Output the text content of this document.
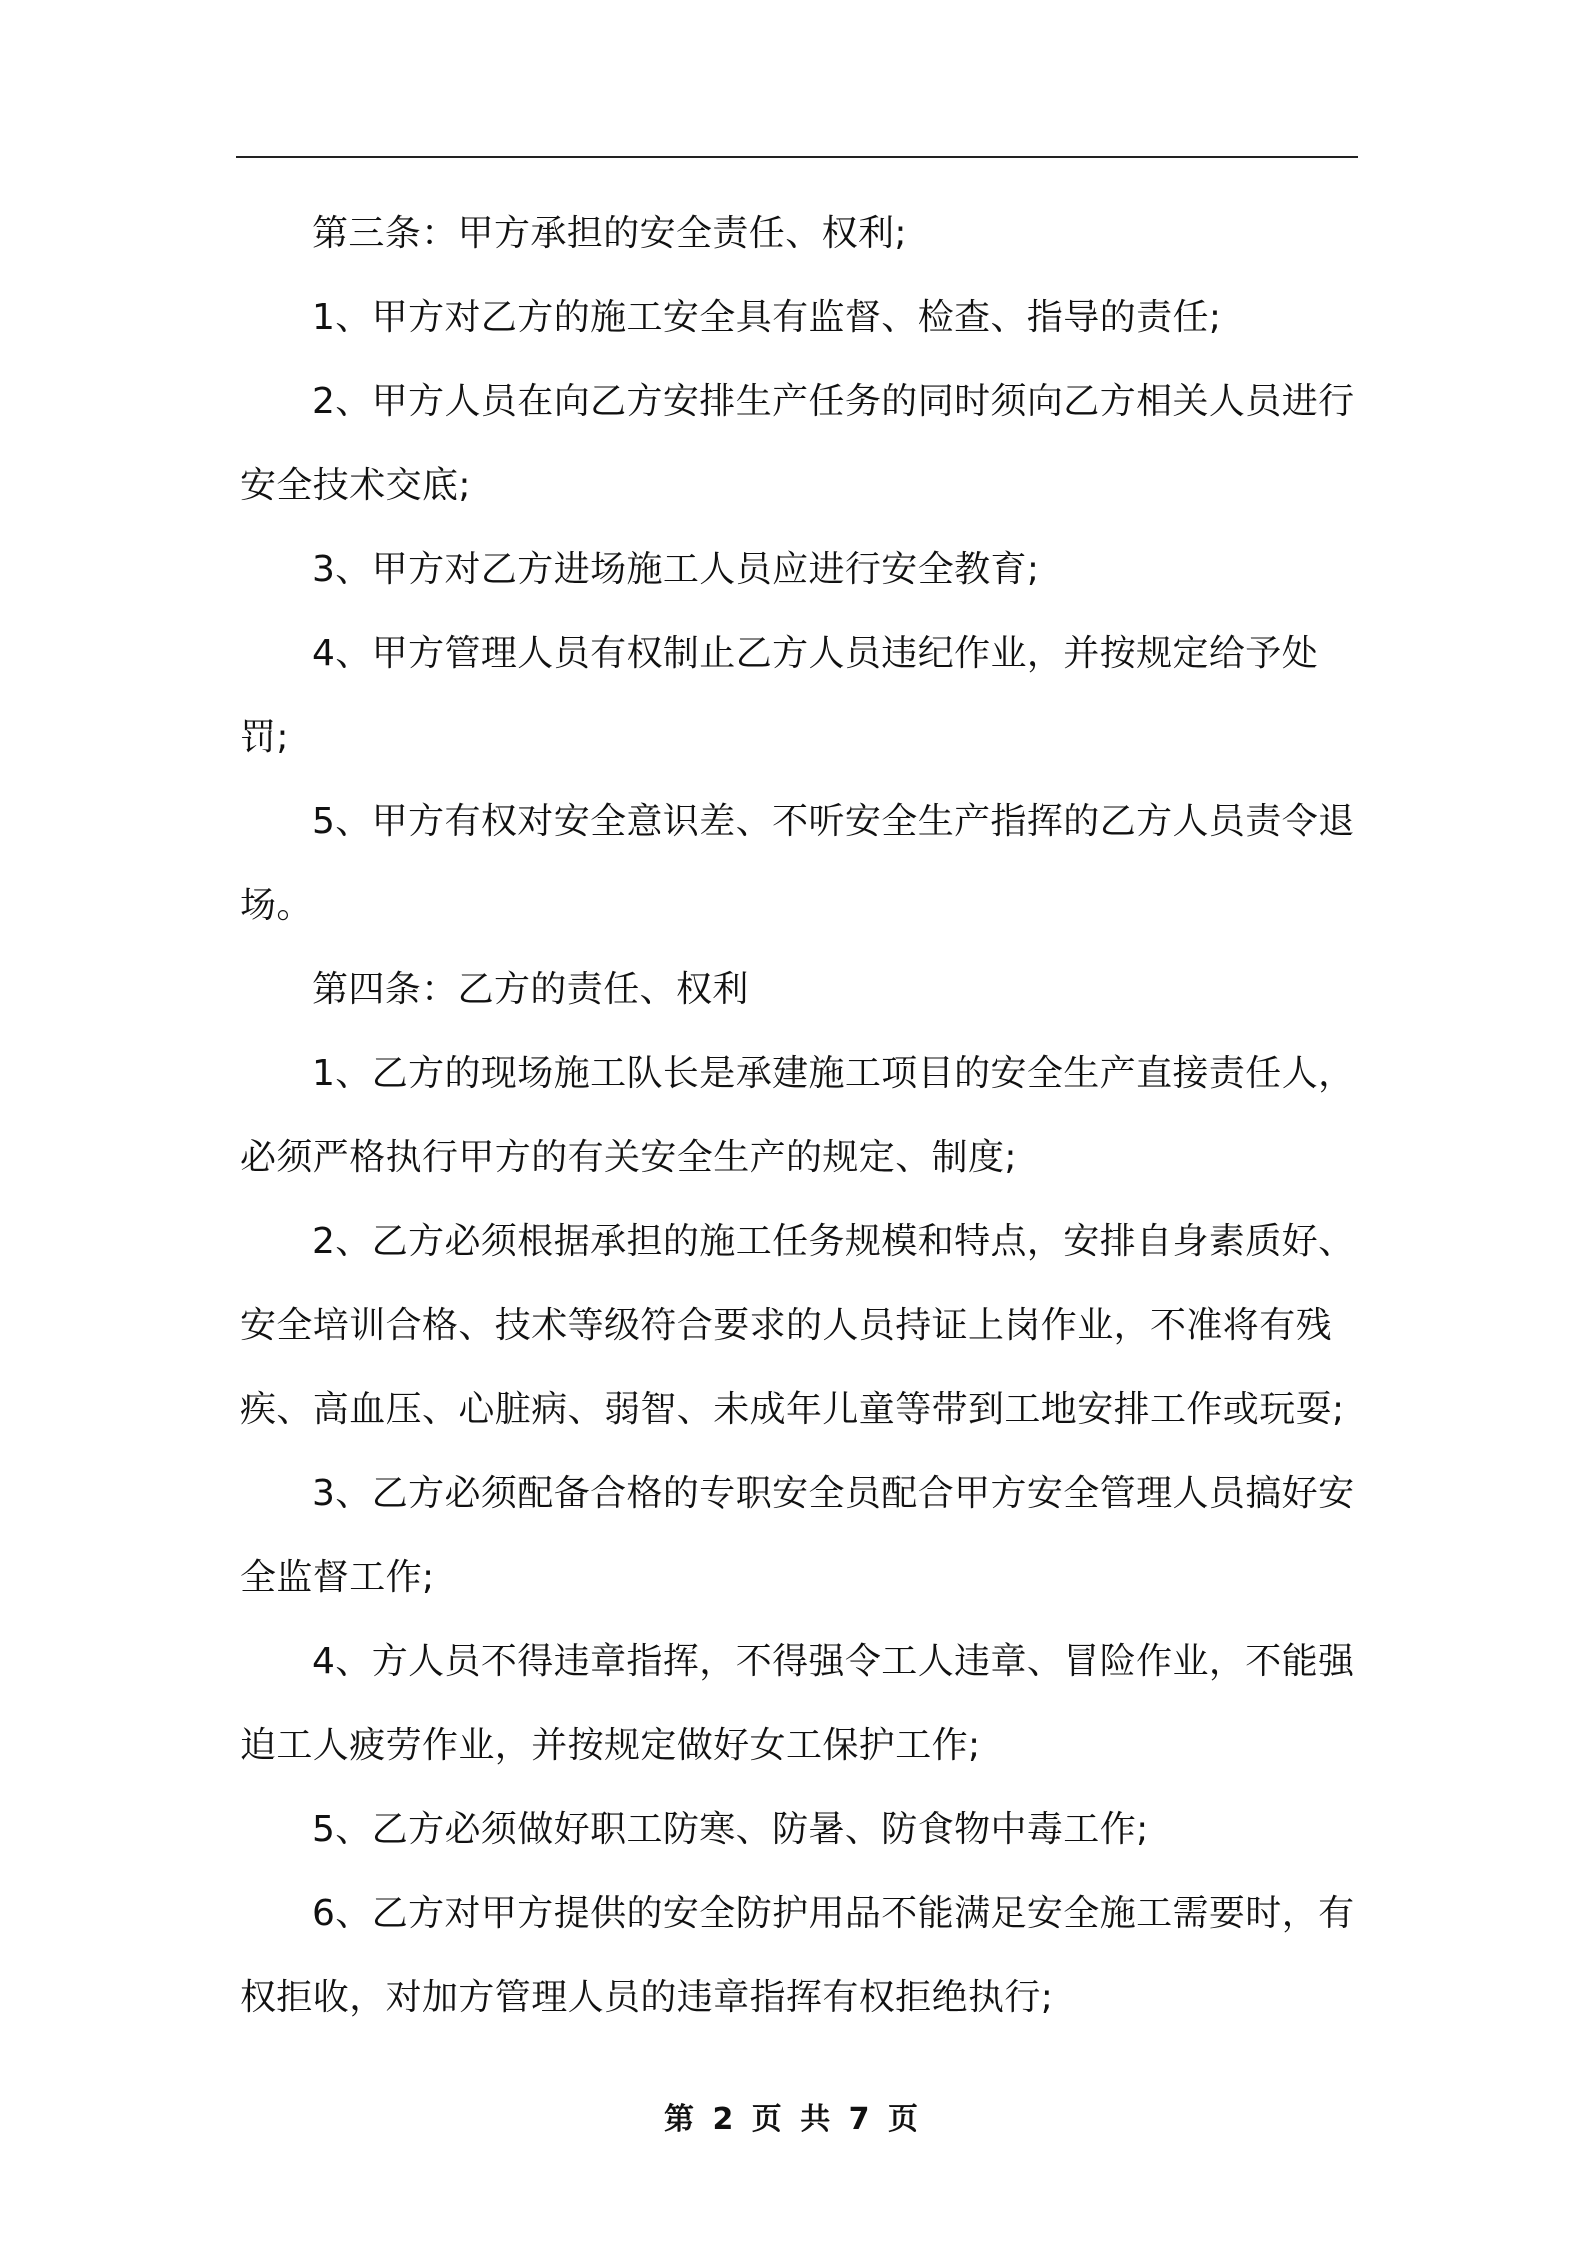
第三条：甲方承担的安全责任、权利;

1、甲方对乙方的施工安全具有监督、检查、指导的责任;

2、甲方人员在向乙方安排生产任务的同时须向乙方相关人员进行安全技术交底;

3、甲方对乙方进场施工人员应进行安全教育;

4、甲方管理人员有权制止乙方人员违纪作业，并按规定给予处罚;

5、甲方有权对安全意识差、不听安全生产指挥的乙方人员责令退场。

第四条：乙方的责任、权利

1、乙方的现场施工队长是承建施工项目的安全生产直接责任人，必须严格执行甲方的有关安全生产的规定、制度;

2、乙方必须根据承担的施工任务规模和特点，安排自身素质好、安全培训合格、技术等级符合要求的人员持证上岗作业，不准将有残疾、高血压、心脏病、弱智、未成年儿童等带到工地安排工作或玩耍;

3、乙方必须配备合格的专职安全员配合甲方安全管理人员搞好安全监督工作;

4、方人员不得违章指挥，不得强令工人违章、冒险作业，不能强迫工人疲劳作业，并按规定做好女工保护工作;

5、乙方必须做好职工防寒、防暑、防食物中毒工作;

6、乙方对甲方提供的安全防护用品不能满足安全施工需要时，有权拒收，对加方管理人员的违章指挥有权拒绝执行;

第 2 页 共 7 页
